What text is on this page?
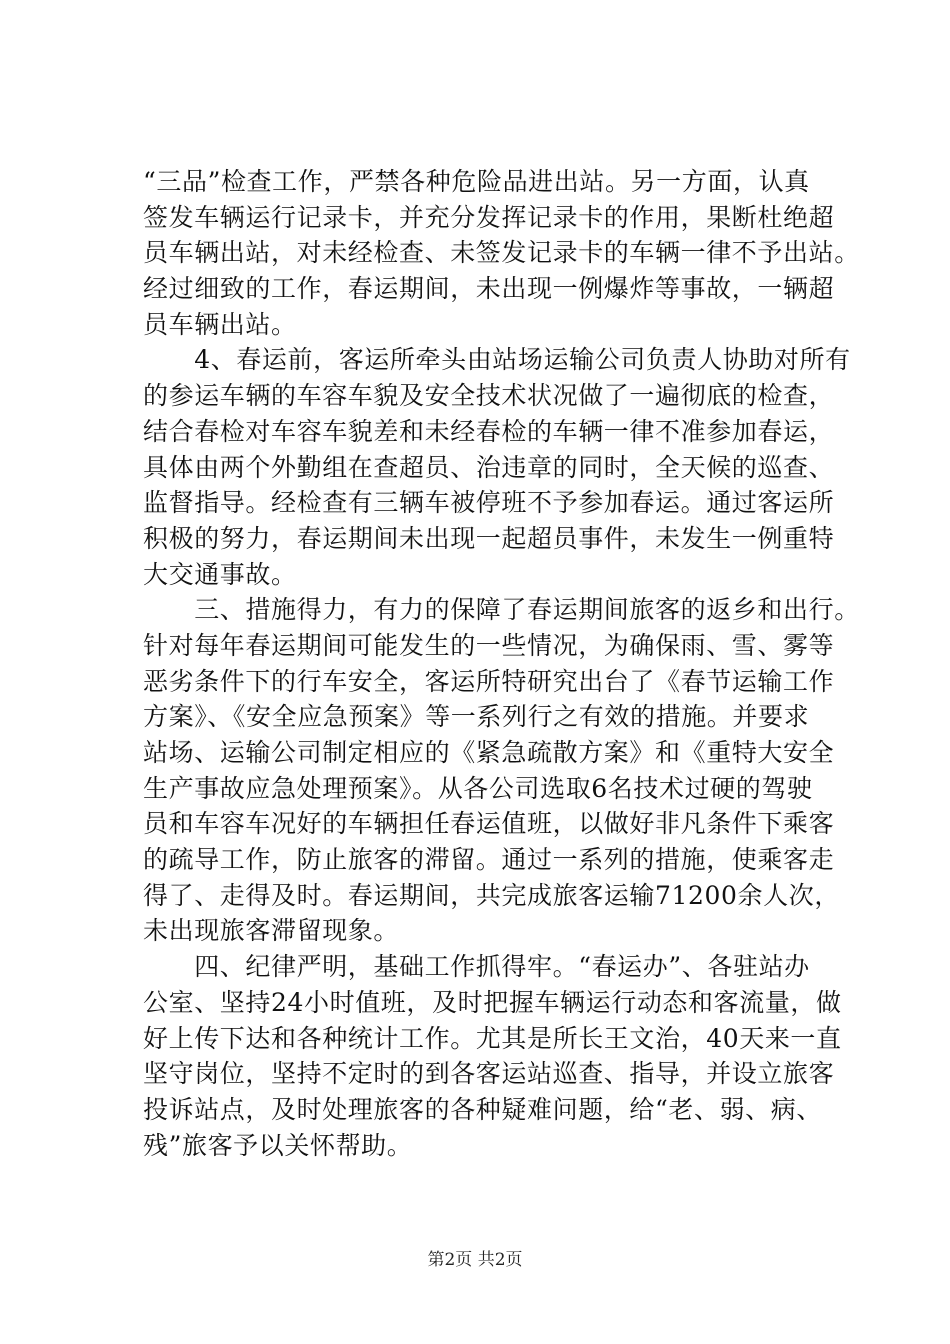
“三品”检查工作，严禁各种危险品进出站。另一方面，认真
签发车辆运行记录卡，并充分发挥记录卡的作用，果断杜绝超
员车辆出站，对未经检查、未签发记录卡的车辆一律不予出站。
经过细致的工作，春运期间，未出现一例爆炸等事故，一辆超
员车辆出站。
　　4、春运前，客运所牵头由站场运输公司负责人协助对所有
的参运车辆的车容车貌及安全技术状况做了一遍彻底的检查，
结合春检对车容车貌差和未经春检的车辆一律不准参加春运，
具体由两个外勤组在查超员、治违章的同时，全天候的巡查、
监督指导。经检查有三辆车被停班不予参加春运。通过客运所
积极的努力，春运期间未出现一起超员事件，未发生一例重特
大交通事故。
　　三、措施得力，有力的保障了春运期间旅客的返乡和出行。
针对每年春运期间可能发生的一些情况，为确保雨、雪、雾等
恶劣条件下的行车安全，客运所特研究出台了《春节运输工作
方案》、《安全应急预案》等一系列行之有效的措施。并要求
站场、运输公司制定相应的《紧急疏散方案》和《重特大安全
生产事故应急处理预案》。从各公司选取6名技术过硬的驾驶
员和车容车况好的车辆担任春运值班，以做好非凡条件下乘客
的疏导工作，防止旅客的滞留。通过一系列的措施，使乘客走
得了、走得及时。春运期间，共完成旅客运输71200余人次，
未出现旅客滞留现象。
　　四、纪律严明，基础工作抓得牢。“春运办”、各驻站办
公室、坚持24小时值班，及时把握车辆运行动态和客流量，做
好上传下达和各种统计工作。尤其是所长王文治，40天来一直
坚守岗位，坚持不定时的到各客运站巡查、指导，并设立旅客
投诉站点，及时处理旅客的各种疑难问题，给“老、弱、病、
残”旅客予以关怀帮助。
第2页 共2页
